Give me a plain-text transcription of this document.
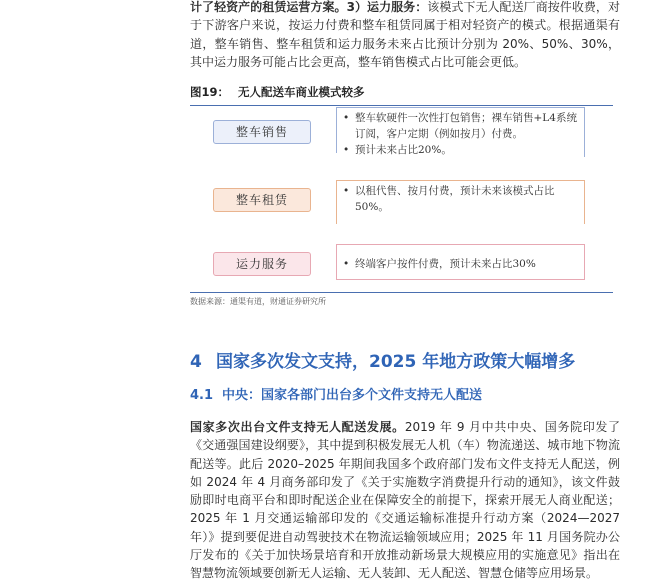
计了轻资产的租赁运营方案。3）运力服务：该模式下无人配送厂商按件收费，对于下游客户来说，按运力付费和整车租赁同属于相对轻资产的模式。根据通渠有道，整车销售、整车租赁和运力服务未来占比预计分别为 20%、50%、30%，其中运力服务可能占比会更高，整车销售模式占比可能会更低。

图19： 无人配送车商业模式较多
整车销售
• 整车软硬件一次性打包销售；裸车销售+L4系统订阅，客户定期（例如按月）付费。
• 预计未来占比20%。
整车租赁
• 以租代售、按月付费，预计未来该模式占比50%。
运力服务
•	终端客户按件付费，预计未来占比30%
数据来源：通渠有道，财通证券研究所
4 国家多次发文支持，2025 年地方政策大幅增多
4.1 中央：国家各部门出台多个文件支持无人配送

国家多次出台文件支持无人配送发展。2019 年 9 月中共中央、国务院印发了《交通强国建设纲要》，其中提到积极发展无人机（车）物流递送、城市地下物流配送等。此后 2020–2025 年期间我国多个政府部门发布文件支持无人配送，例如 2024 年 4 月商务部印发了《关于实施数字消费提升行动的通知》，该文件鼓励即时电商平台和即时配送企业在保障安全的前提下，探索开展无人商业配送；2025 年 1 月交通运输部印发的《交通运输标准提升行动方案（2024—2027 年）》提到要促进自动驾驶技术在物流运输领域应用；2025 年 11 月国务院办公厅发布的《关于加快场景培育和开放推动新场景大规模应用的实施意见》指出在智慧物流领域要创新无人运输、无人装卸、无人配送、智慧仓储等应用场景。
